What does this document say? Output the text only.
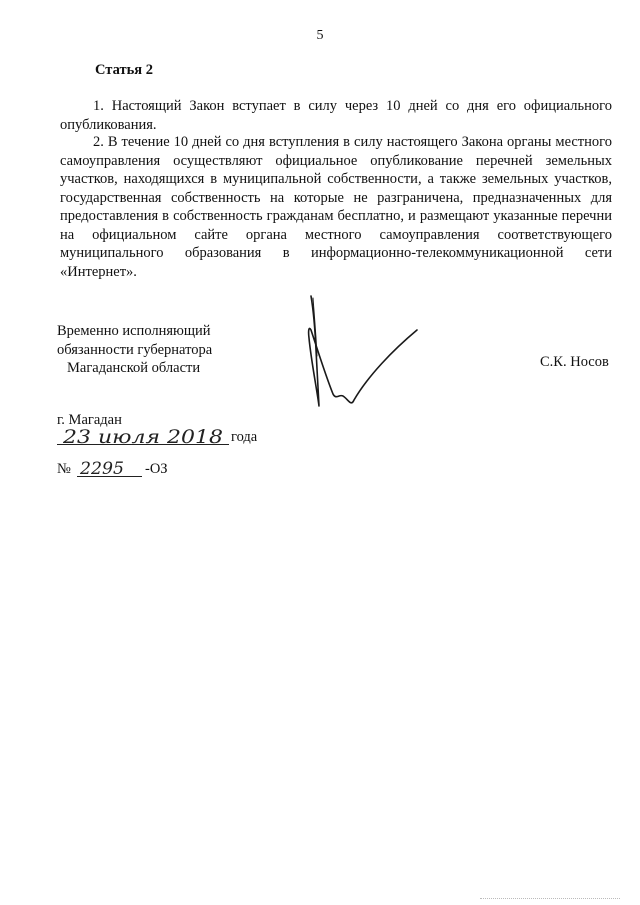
5
Статья 2
1. Настоящий Закон вступает в силу через 10 дней со дня его официального опубликования.
2. В течение 10 дней со дня вступления в силу настоящего Закона органы местного самоуправления осуществляют официальное опубликование перечней земельных участков, находящихся в муниципальной собственности, а также земельных участков, государственная собственность на которые не разграничена, предназначенных для предоставления в собственность гражданам бесплатно, и размещают указанные перечни на официальном сайте органа местного самоуправления соответствующего муниципального образования в информационно-телекоммуникационной сети «Интернет».
Временно исполняющий
обязанности губернатора
Магаданской области	С.К. Носов
г. Магадан
23 июля 2018 года
№ 2295 -ОЗ
